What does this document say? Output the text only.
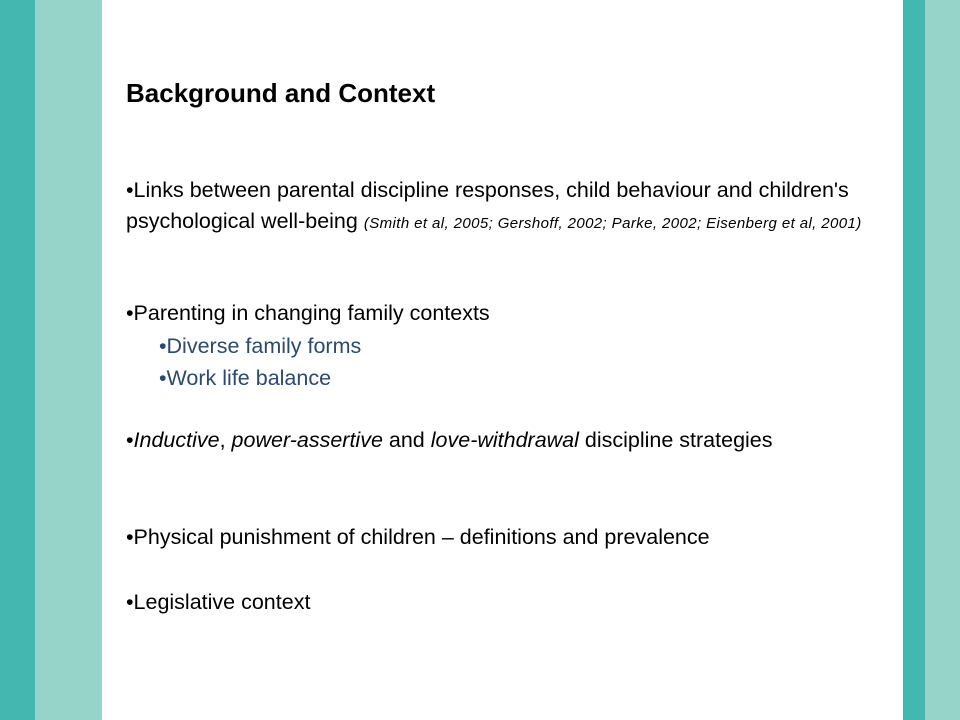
Background and Context
•Links between parental discipline responses, child behaviour and children's psychological well-being (Smith et al, 2005; Gershoff, 2002; Parke, 2002; Eisenberg et al, 2001)
•Parenting in changing family contexts
•Diverse family forms
•Work life balance
•Inductive, power-assertive and love-withdrawal discipline strategies
•Physical punishment of children – definitions and prevalence
•Legislative context
